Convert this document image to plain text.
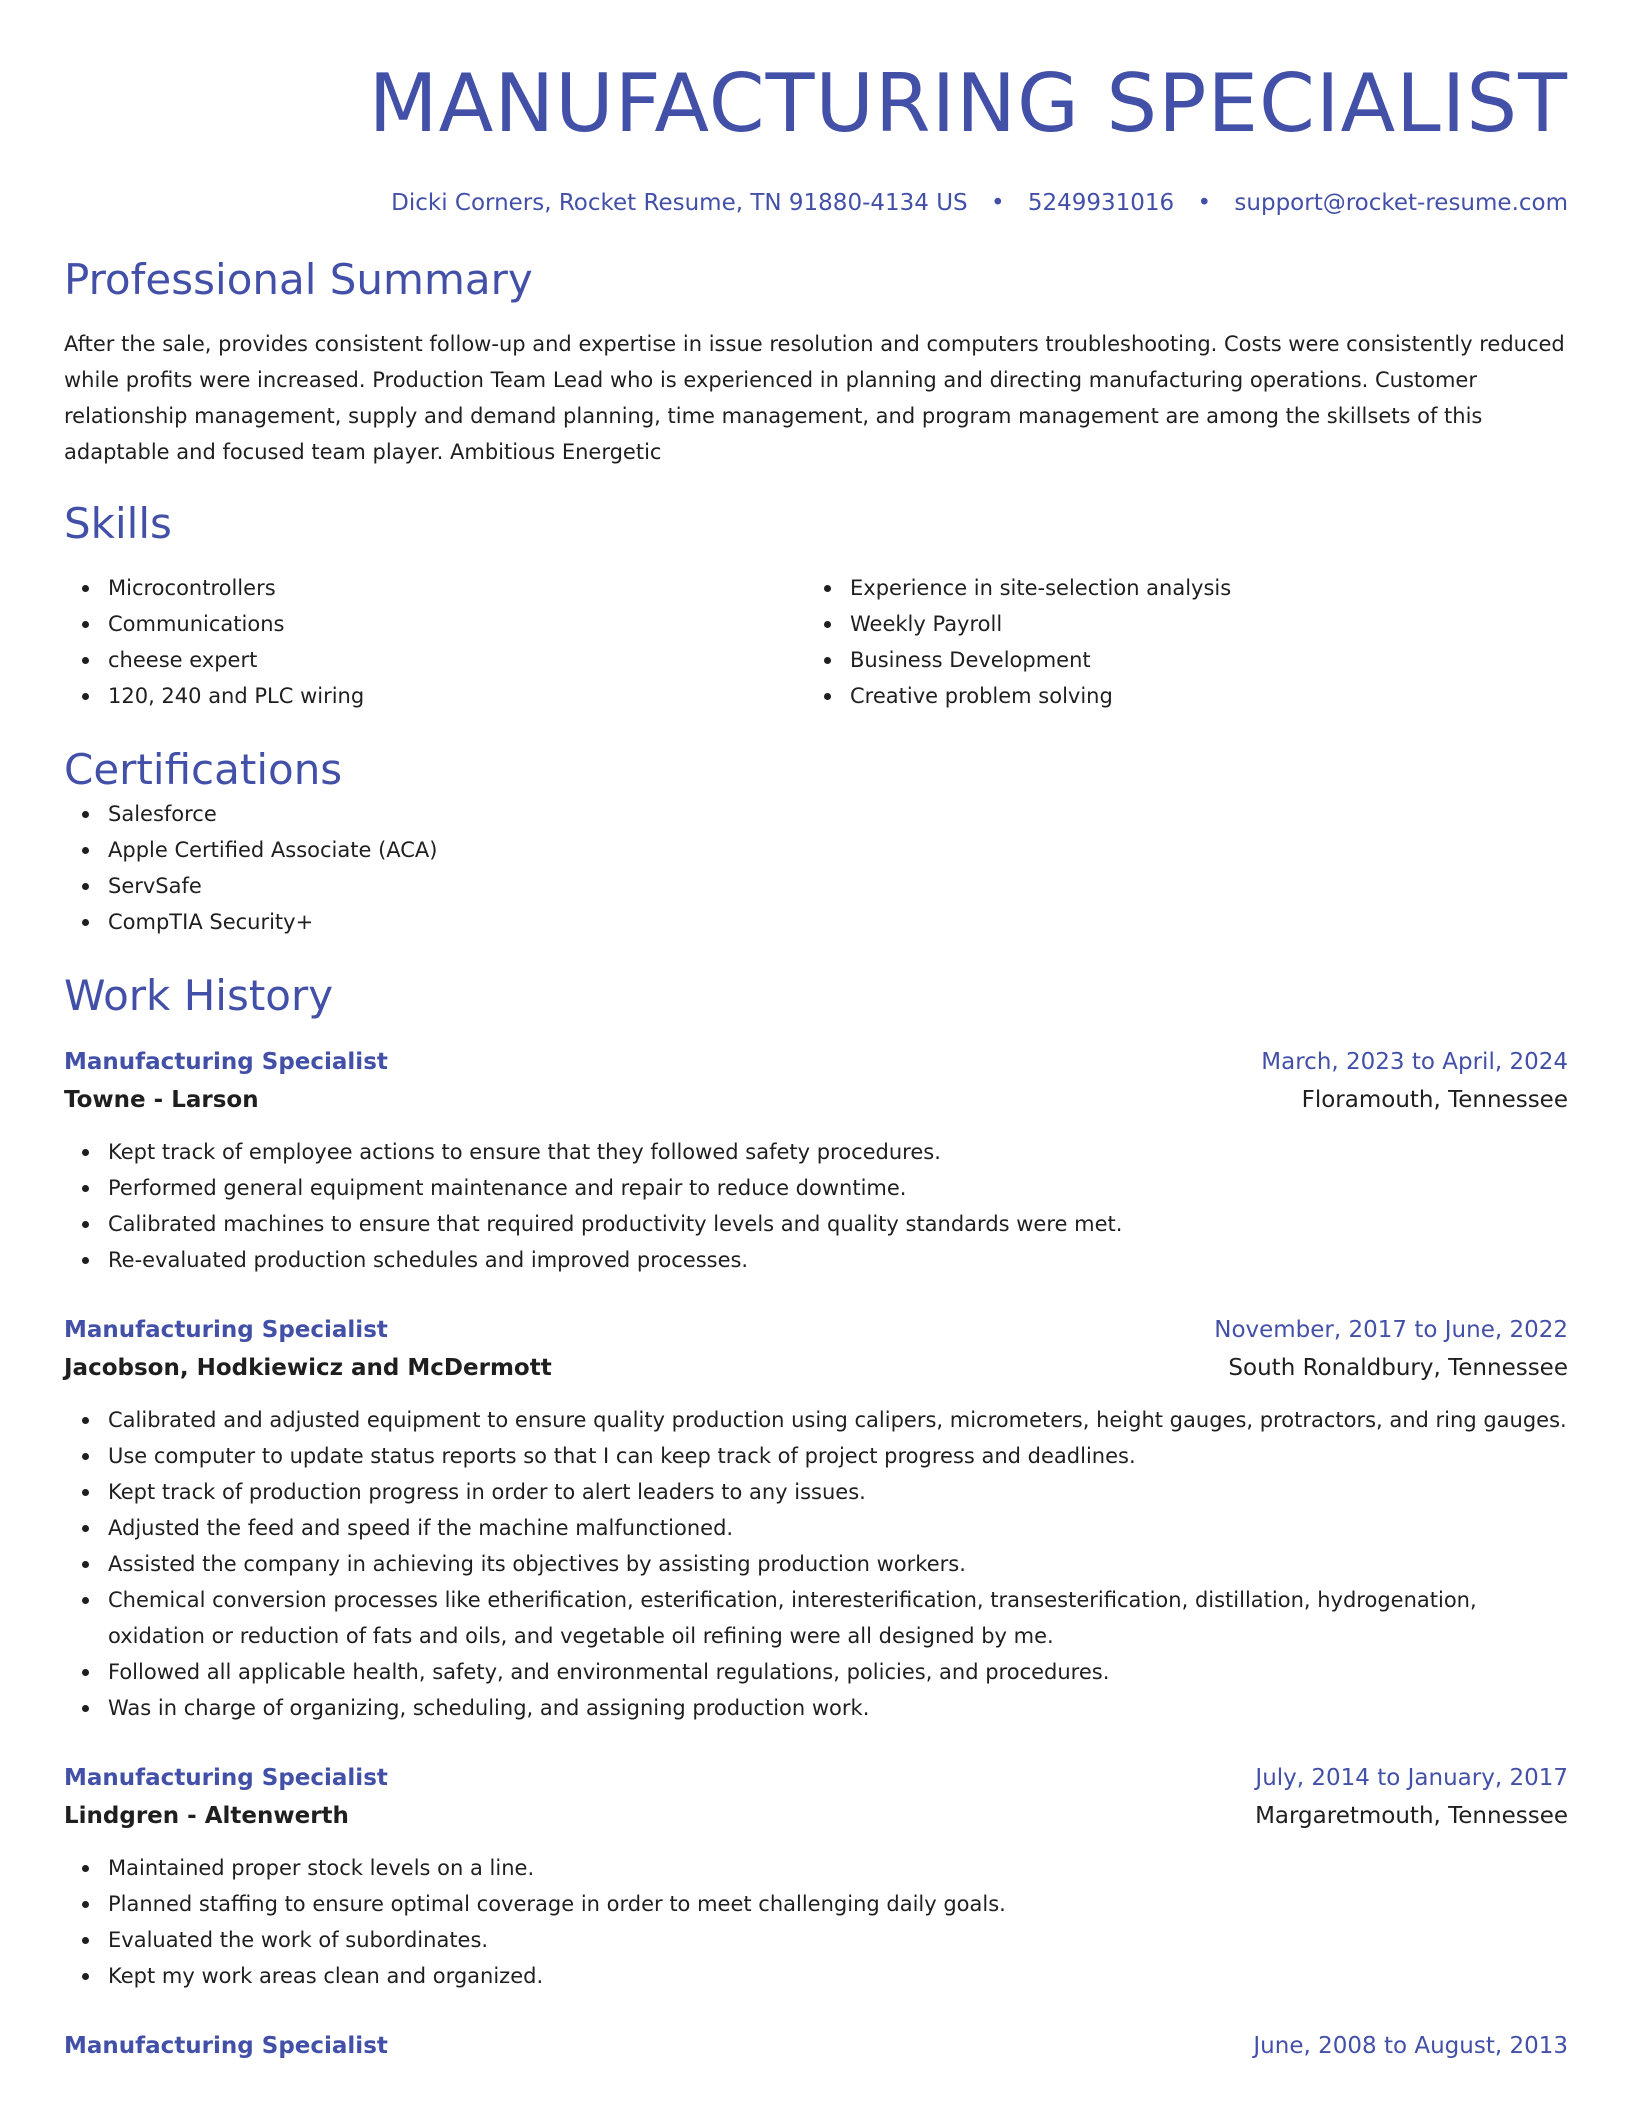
MANUFACTURING SPECIALIST
Dicki Corners, Rocket Resume, TN 91880-4134 US • 5249931016 • support@rocket-resume.com
Professional Summary
After the sale, provides consistent follow-up and expertise in issue resolution and computers troubleshooting. Costs were consistently reduced while profits were increased. Production Team Lead who is experienced in planning and directing manufacturing operations. Customer relationship management, supply and demand planning, time management, and program management are among the skillsets of this adaptable and focused team player. Ambitious Energetic
Skills
Microcontrollers
Communications
cheese expert
120, 240 and PLC wiring
Experience in site-selection analysis
Weekly Payroll
Business Development
Creative problem solving
Certifications
Salesforce
Apple Certified Associate (ACA)
ServSafe
CompTIA Security+
Work History
Manufacturing Specialist	March, 2023 to April, 2024
Towne - Larson	Floramouth, Tennessee
Kept track of employee actions to ensure that they followed safety procedures.
Performed general equipment maintenance and repair to reduce downtime.
Calibrated machines to ensure that required productivity levels and quality standards were met.
Re-evaluated production schedules and improved processes.
Manufacturing Specialist	November, 2017 to June, 2022
Jacobson, Hodkiewicz and McDermott	South Ronaldbury, Tennessee
Calibrated and adjusted equipment to ensure quality production using calipers, micrometers, height gauges, protractors, and ring gauges.
Use computer to update status reports so that I can keep track of project progress and deadlines.
Kept track of production progress in order to alert leaders to any issues.
Adjusted the feed and speed if the machine malfunctioned.
Assisted the company in achieving its objectives by assisting production workers.
Chemical conversion processes like etherification, esterification, interesterification, transesterification, distillation, hydrogenation, oxidation or reduction of fats and oils, and vegetable oil refining were all designed by me.
Followed all applicable health, safety, and environmental regulations, policies, and procedures.
Was in charge of organizing, scheduling, and assigning production work.
Manufacturing Specialist	July, 2014 to January, 2017
Lindgren - Altenwerth	Margaretmouth, Tennessee
Maintained proper stock levels on a line.
Planned staffing to ensure optimal coverage in order to meet challenging daily goals.
Evaluated the work of subordinates.
Kept my work areas clean and organized.
Manufacturing Specialist	June, 2008 to August, 2013
